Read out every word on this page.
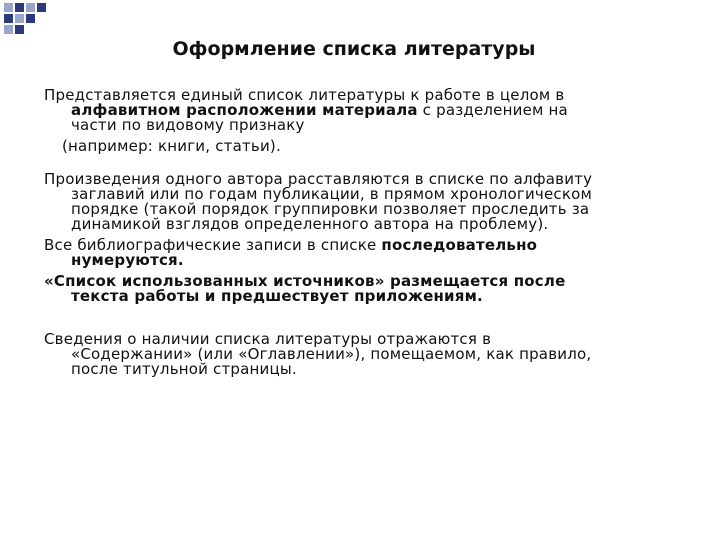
Оформление списка литературы
Представляется единый список литературы к работе в целом в
алфавитном расположении материала с разделением на
части по видовому признаку
(например: книги, статьи).
Произведения одного автора расставляются в списке по алфавиту
заглавий или по годам публикации, в прямом хронологическом
порядке (такой порядок группировки позволяет проследить за
динамикой взглядов определенного автора на проблему).
Все библиографические записи в списке последовательно
нумеруются.
«Список использованных источников» размещается после
текста работы и предшествует приложениям.
Сведения о наличии списка литературы отражаются в
«Содержании» (или «Оглавлении»), помещаемом, как правило,
после титульной страницы.
